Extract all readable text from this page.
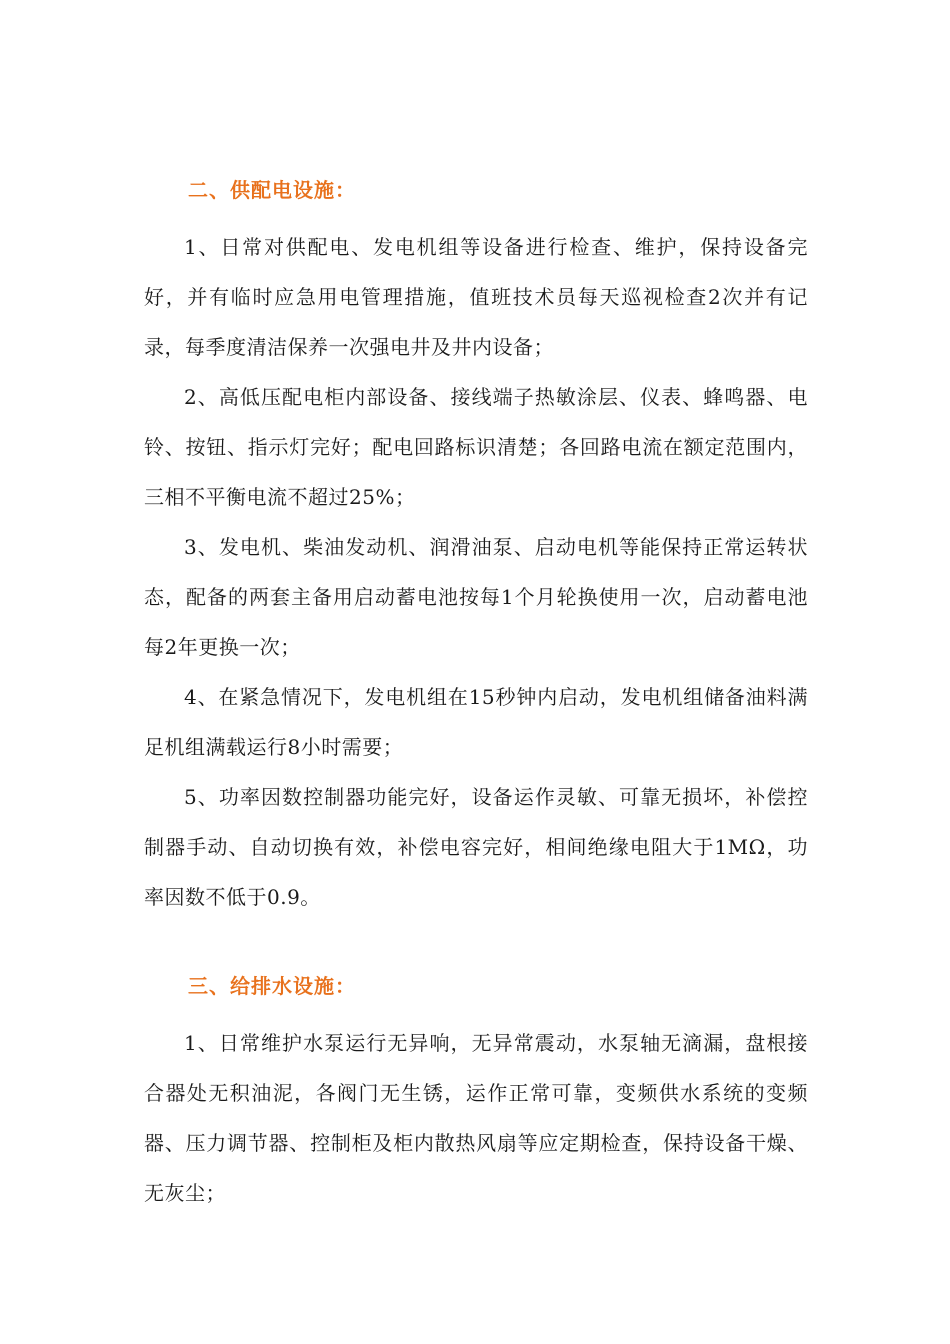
二、供配电设施：

1、日常对供配电、发电机组等设备进行检查、维护，保持设备完好，并有临时应急用电管理措施，值班技术员每天巡视检查2次并有记录，每季度清洁保养一次强电井及井内设备；

2、高低压配电柜内部设备、接线端子热敏涂层、仪表、蜂鸣器、电铃、按钮、指示灯完好；配电回路标识清楚；各回路电流在额定范围内，三相不平衡电流不超过25%；

3、发电机、柴油发动机、润滑油泵、启动电机等能保持正常运转状态，配备的两套主备用启动蓄电池按每1个月轮换使用一次，启动蓄电池每2年更换一次；

4、在紧急情况下，发电机组在15秒钟内启动，发电机组储备油料满足机组满载运行8小时需要；

5、功率因数控制器功能完好，设备运作灵敏、可靠无损坏，补偿控制器手动、自动切换有效，补偿电容完好，相间绝缘电阻大于1MΩ，功率因数不低于0.9。

三、给排水设施：

1、日常维护水泵运行无异响，无异常震动，水泵轴无滴漏，盘根接合器处无积油泥，各阀门无生锈，运作正常可靠，变频供水系统的变频器、压力调节器、控制柜及柜内散热风扇等应定期检查，保持设备干燥、无灰尘；
